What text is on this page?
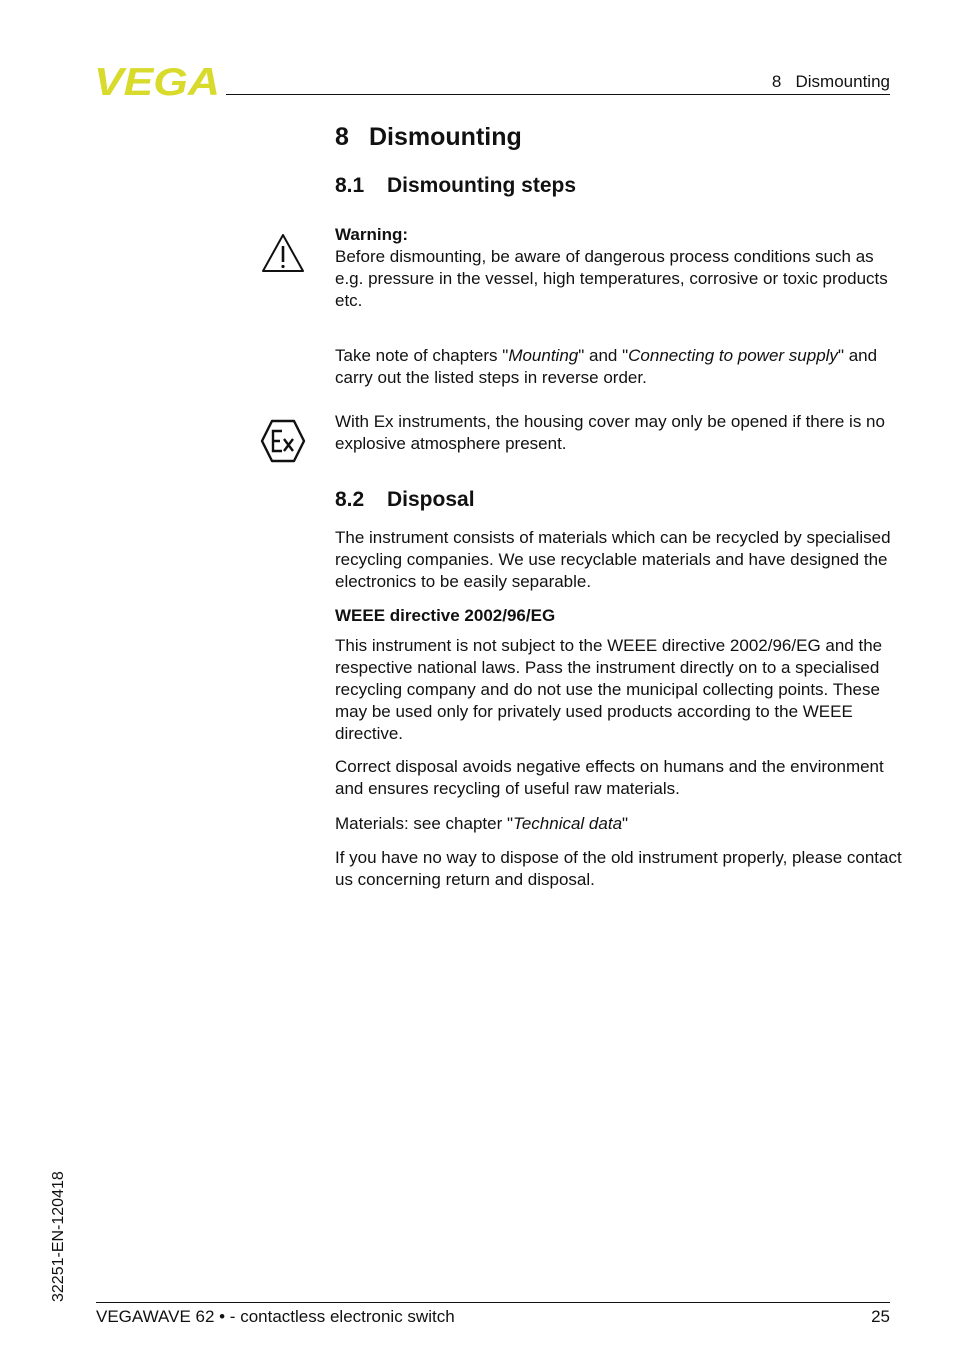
VEGA	8   Dismounting
8 Dismounting
8.1 Dismounting steps

Warning:

Before dismounting, be aware of dangerous process conditions such as e.g. pressure in the vessel, high temperatures, corrosive or toxic products etc.

Take note of chapters "Mounting" and "Connecting to power supply" and carry out the listed steps in reverse order.

With Ex instruments, the housing cover may only be opened if there is no explosive atmosphere present.

8.2 Disposal

The instrument consists of materials which can be recycled by specialised recycling companies. We use recyclable materials and have designed the electronics to be easily separable.

WEEE directive 2002/96/EG

This instrument is not subject to the WEEE directive 2002/96/EG and the respective national laws. Pass the instrument directly on to a specialised recycling company and do not use the municipal collecting points. These may be used only for privately used products according to the WEEE directive.

Correct disposal avoids negative effects on humans and the environment and ensures recycling of useful raw materials.

Materials: see chapter "Technical data"

If you have no way to dispose of the old instrument properly, please contact us concerning return and disposal.

32251-EN-120418
VEGAWAVE 62 • - contactless electronic switch	25
